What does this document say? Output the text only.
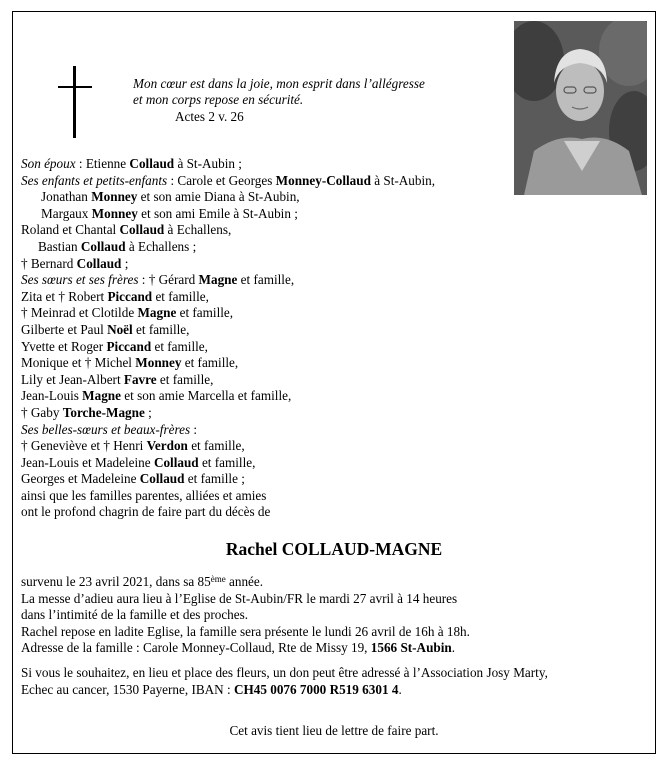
Mon cœur est dans la joie, mon esprit dans l’allégresse
et mon corps repose en sécurité.
Actes 2 v. 26
Son époux : Etienne Collaud à St-Aubin ;
Ses enfants et petits-enfants : Carole et Georges Monney-Collaud à St-Aubin,
Jonathan Monney et son amie Diana à St-Aubin,
Margaux Monney et son ami Emile à St-Aubin ;
Roland et Chantal Collaud à Echallens,
Bastian Collaud à Echallens ;
† Bernard Collaud ;
Ses sœurs et ses frères : † Gérard Magne et famille,
Zita et † Robert Piccand et famille,
† Meinrad et Clotilde Magne et famille,
Gilberte et Paul Noël et famille,
Yvette et Roger Piccand et famille,
Monique et † Michel Monney et famille,
Lily et Jean-Albert Favre et famille,
Jean-Louis Magne et son amie Marcella et famille,
† Gaby Torche-Magne ;
Ses belles-sœurs et beaux-frères :
† Geneviève et † Henri Verdon et famille,
Jean-Louis et Madeleine Collaud et famille,
Georges et Madeleine Collaud et famille ;
ainsi que les familles parentes, alliées et amies
ont le profond chagrin de faire part du décès de
Rachel COLLAUD-MAGNE
survenu le 23 avril 2021, dans sa 85ème année.
La messe d’adieu aura lieu à l’Eglise de St-Aubin/FR le mardi 27 avril à 14 heures
dans l’intimité de la famille et des proches.
Rachel repose en ladite Eglise, la famille sera présente le lundi 26 avril de 16h à 18h.
Adresse de la famille : Carole Monney-Collaud, Rte de Missy 19, 1566 St-Aubin.
Si vous le souhaitez, en lieu et place des fleurs, un don peut être adressé à l’Association Josy Marty,
Echec au cancer, 1530 Payerne, IBAN : CH45 0076 7000 R519 6301 4.
Cet avis tient lieu de lettre de faire part.
